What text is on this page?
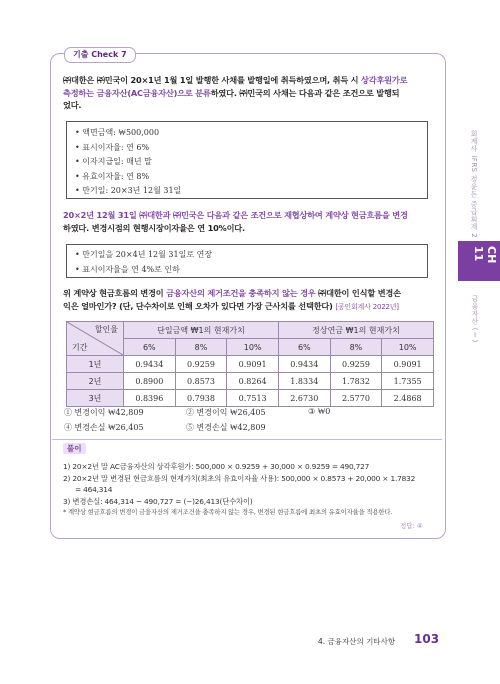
기출 Check 7
㈜대한은 ㈜민국이 20×1년 1월 1일 발행한 사채를 발행일에 취득하였으며, 취득 시 상각후원가로
측정하는 금융자산(AC금융자산)으로 분류하였다. ㈜민국의 사채는 다음과 같은 조건으로 발행되
었다.
• 액면금액: ₩500,000
• 표시이자율: 연 6%
• 이자지급일: 매년 말
• 유효이자율: 연 8%
• 만기일: 20×3년 12월 31일
20×2년 12월 31일 ㈜대한과 ㈜민국은 다음과 같은 조건으로 재협상하여 계약상 현금흐름을 변경
하였다. 변경시점의 현행시장이자율은 연 10%이다.
• 만기일을 20×4년 12월 31일로 연장
• 표시이자율을 연 4%로 인하
위 계약상 현금흐름의 변경이 금융자산의 제거조건을 충족하지 않는 경우 ㈜대한이 인식할 변경손
익은 얼마인가? (단, 단수차이로 인해 오차가 있다면 가장 근사치를 선택한다) [공인회계사 2022년]
할인율
기간	단일금액 ₩1의 현재가치			정상연금 ₩1의 현재가치		
	6%	8%	10%	6%	8%	10%
1년	0.9434	0.9259	0.9091	0.9434	0.9259	0.9091
2년	0.8900	0.8573	0.8264	1.8334	1.7832	1.7355
3년	0.8396	0.7938	0.7513	2.6730	2.5770	2.4868
① 변경이익 ₩42,809	② 변경이익 ₩26,405	③ ₩0
④ 변경손실 ₩26,405	⑤ 변경손실 ₩42,809
풀이
1) 20×2년 말 AC금융자산의 상각후원가: 500,000 × 0.9259 + 30,000 × 0.9259 = 490,727
2) 20×2년 말 변경된 현금흐름의 현재가치(최초의 유효이자율 사용): 500,000 × 0.8573 + 20,000 × 1.7832
= 464,314
3) 변경손실: 464,314 − 490,727 = (−)26,413(단수차이)
* 계약상 현금흐름의 변경이 금융자산의 제거조건을 충족하지 않는 경우, 변경된 현금흐름에 최초의 유효이자율을 적용한다.
정답: ④
회계사 IFRS 정윤돈 중급회계 2
CH 11
금융자산 (Ⅰ)
4. 금융자산의 기타사항 103
